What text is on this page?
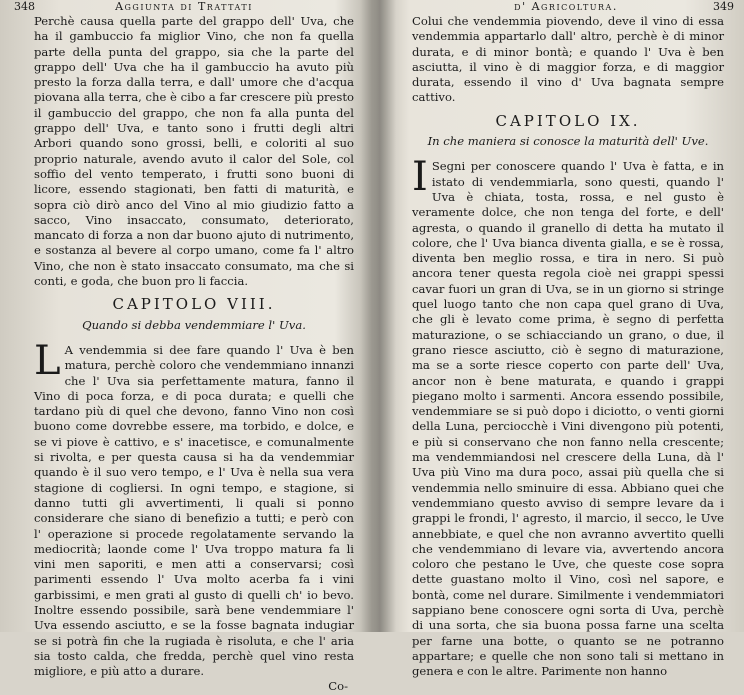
348	Aggiunta di Trattati

Perchè causa quella parte del grappo dell' Uva, che ha il gambuccio fa miglior Vino, che non fa quella parte della punta del grappo, sia che la parte del grappo dell' Uva che ha il gambuccio ha avuto più presto la forza dalla terra, e dall' umore che d'acqua piovana alla terra, che è cibo a far crescere più presto il gambuccio del grappo, che non fa alla punta del grappo dell' Uva, e tanto sono i frutti degli altri Arbori quando sono grossi, belli, e coloriti al suo proprio naturale, avendo avuto il calor del Sole, col soffio del vento temperato, i frutti sono buoni di licore, essendo stagionati, ben fatti di maturità, e sopra ciò dirò anco del Vino al mio giudizio fatto a sacco, Vino insaccato, consumato, deteriorato, mancato di forza a non dar buono ajuto di nutrimento, e sostanza al bevere al corpo umano, come fa l' altro Vino, che non è stato insaccato consumato, ma che si conti, e goda, che buon pro li faccia.

CAPITOLO VIII.
Quando si debba vendemmiare l' Uva.
L A vendemmia si dee fare quando l' Uva è ben matura, perchè coloro che vendemmiano innanzi che l' Uva sia perfettamente matura, fanno il Vino di poca forza, e di poca durata; e quelli che tardano più di quel che devono, fanno Vino non così buono come dovrebbe essere, ma torbido, e dolce, e se vi piove è cattivo, e s' inacetisce, e comunalmente si rivolta, e per questa causa si ha da vendemmiar quando è il suo vero tempo, e l' Uva è nella sua vera stagione di cogliersi. In ogni tempo, e stagione, si danno tutti gli avvertimenti, li quali si ponno considerare che siano di benefizio a tutti; e però con l' operazione si procede regolatamente servando la mediocrità; laonde come l' Uva troppo matura fa li vini men saporiti, e men atti a conservarsi; così parimenti essendo l' Uva molto acerba fa i vini garbissimi, e men grati al gusto di quelli ch' io bevo. Inoltre essendo possibile, sarà bene vendemmiare l' Uva essendo asciutto, e se la fosse bagnata indugiar se si potrà fin che la rugiada è risoluta, e che l' aria sia tosto calda, che fredda, perchè quel vino resta migliore, e più atto a durare.
Co-
d' Agricoltura.	349

Colui che vendemmia piovendo, deve il vino di essa vendemmia appartarlo dall' altro, perchè è di minor durata, e di minor bontà; e quando l' Uva è ben asciutta, il vino è di maggior forza, e di maggior durata, essendo il vino d' Uva bagnata sempre cattivo.

CAPITOLO IX.
In che maniera si conosce la maturità dell' Uve.
I Segni per conoscere quando l' Uva è fatta, e in istato di vendemmiarla, sono questi, quando l' Uva è chiata, tosta, rossa, e nel gusto è veramente dolce, che non tenga del forte, e dell' agresta, o quando il granello di detta ha mutato il colore, che l' Uva bianca diventa gialla, e se è rossa, diventa ben meglio rossa, e tira in nero. Si può ancora tener questa regola cioè nei grappi spessi cavar fuori un gran di Uva, se in un giorno si stringe quel luogo tanto che non capa quel grano di Uva, che gli è levato come prima, è segno di perfetta maturazione, o se schiacciando un grano, o due, il grano riesce asciutto, ciò è segno di maturazione, ma se a sorte riesce coperto con parte dell' Uva, ancor non è bene maturata, e quando i grappi piegano molto i sarmenti. Ancora essendo possibile, vendemmiare se si può dopo i diciotto, o venti giorni della Luna, perciocchè i Vini divengono più potenti, e più si conservano che non fanno nella crescente; ma vendemmiandosi nel crescere della Luna, dà l' Uva più Vino ma dura poco, assai più quella che si vendemmia nello sminuire di essa. Abbiano quei che vendemmiano questo avviso di sempre levare da i grappi le frondi, l' agresto, il marcio, il secco, le Uve annebbiate, e quel che non avranno avvertito quelli che vendemmiano di levare via, avvertendo ancora coloro che pestano le Uve, che queste cose sopra dette guastano molto il Vino, così nel sapore, e bontà, come nel durare. Similmente i vendemmiatori sappiano bene conoscere ogni sorta di Uva, perchè di una sorta, che sia buona possa farne una scelta per farne una botte, o quanto se ne potranno appartare; e quelle che non sono tali si mettano in genera e con le altre. Parimente non hanno
